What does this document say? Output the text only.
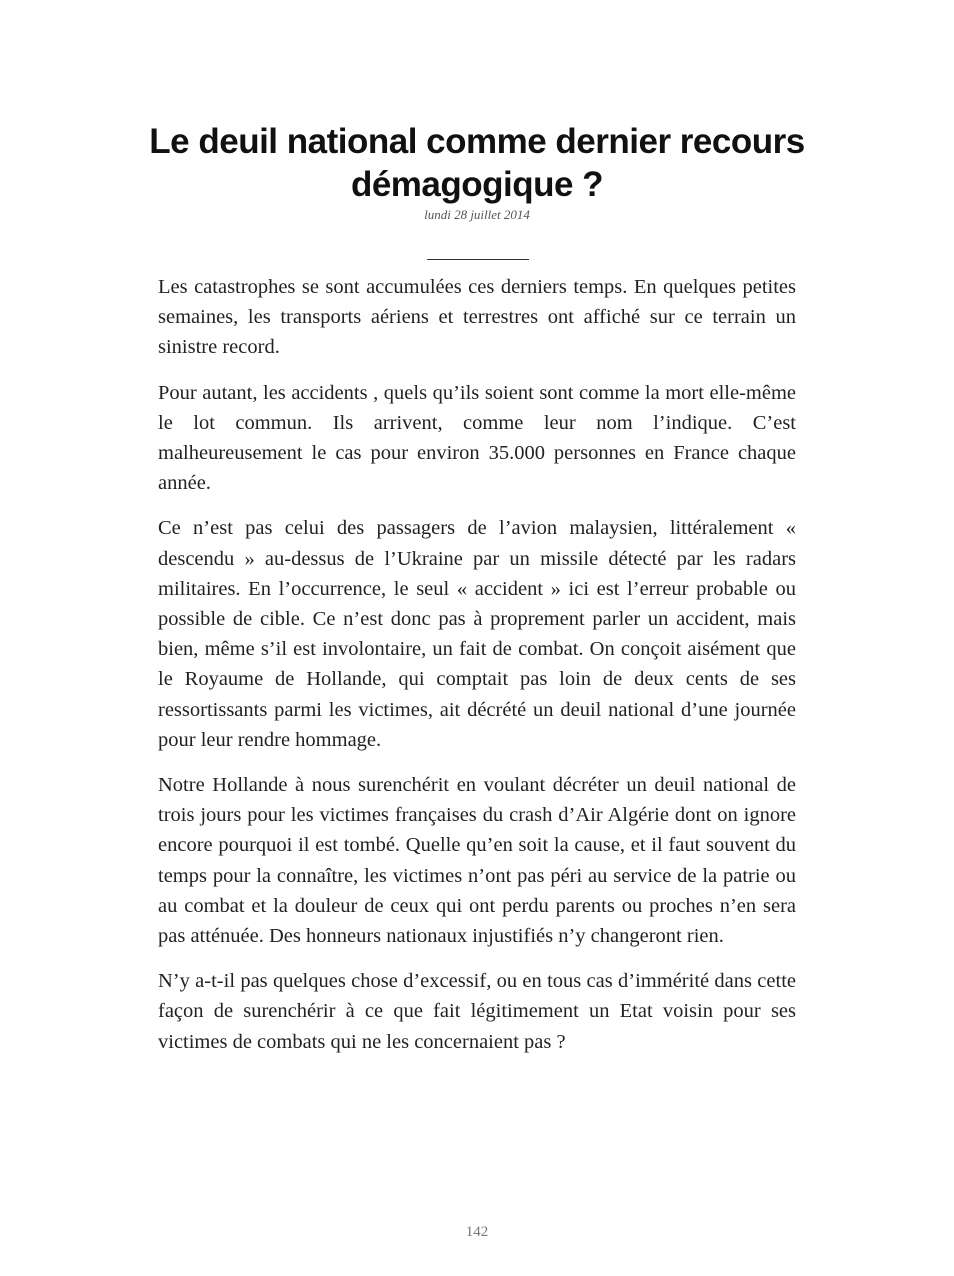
Le deuil national comme dernier recours démagogique ?
lundi 28 juillet 2014

Les catastrophes se sont accumulées ces derniers temps. En quelques petites semaines, les transports aériens et terrestres ont affiché sur ce terrain un sinistre record.

Pour autant, les accidents , quels qu’ils soient sont comme la mort elle-même le lot commun. Ils arrivent, comme leur nom l’indique. C’est malheureusement le cas pour environ 35.000 personnes en France chaque année.

Ce n’est pas celui des passagers de l’avion malaysien, littéralement « descendu » au-dessus de l’Ukraine par un missile détecté par les radars militaires. En l’occurrence, le seul « accident » ici est l’erreur probable ou possible de cible. Ce n’est donc pas à proprement parler un accident, mais bien, même s’il est involontaire, un fait de combat. On conçoit aisément que le Royaume de Hollande, qui comptait pas loin de deux cents de ses ressortissants parmi les victimes, ait décrété un deuil national d’une journée pour leur rendre hommage.

Notre Hollande à nous surenchérit en voulant décréter un deuil national de trois jours pour les victimes françaises du crash d’Air Algérie dont on ignore encore pourquoi il est tombé. Quelle qu’en soit la cause, et il faut souvent du temps pour la connaître, les victimes n’ont pas péri au service de la patrie ou au combat et la douleur de ceux qui ont perdu parents ou proches n’en sera pas atténuée. Des honneurs nationaux injustifiés n’y changeront rien.

N’y a-t-il pas quelques chose d’excessif, ou en tous cas d’immérité dans cette façon de surenchérir à ce que fait légitimement un Etat voisin pour ses victimes de combats qui ne les concernaient pas ?

142
